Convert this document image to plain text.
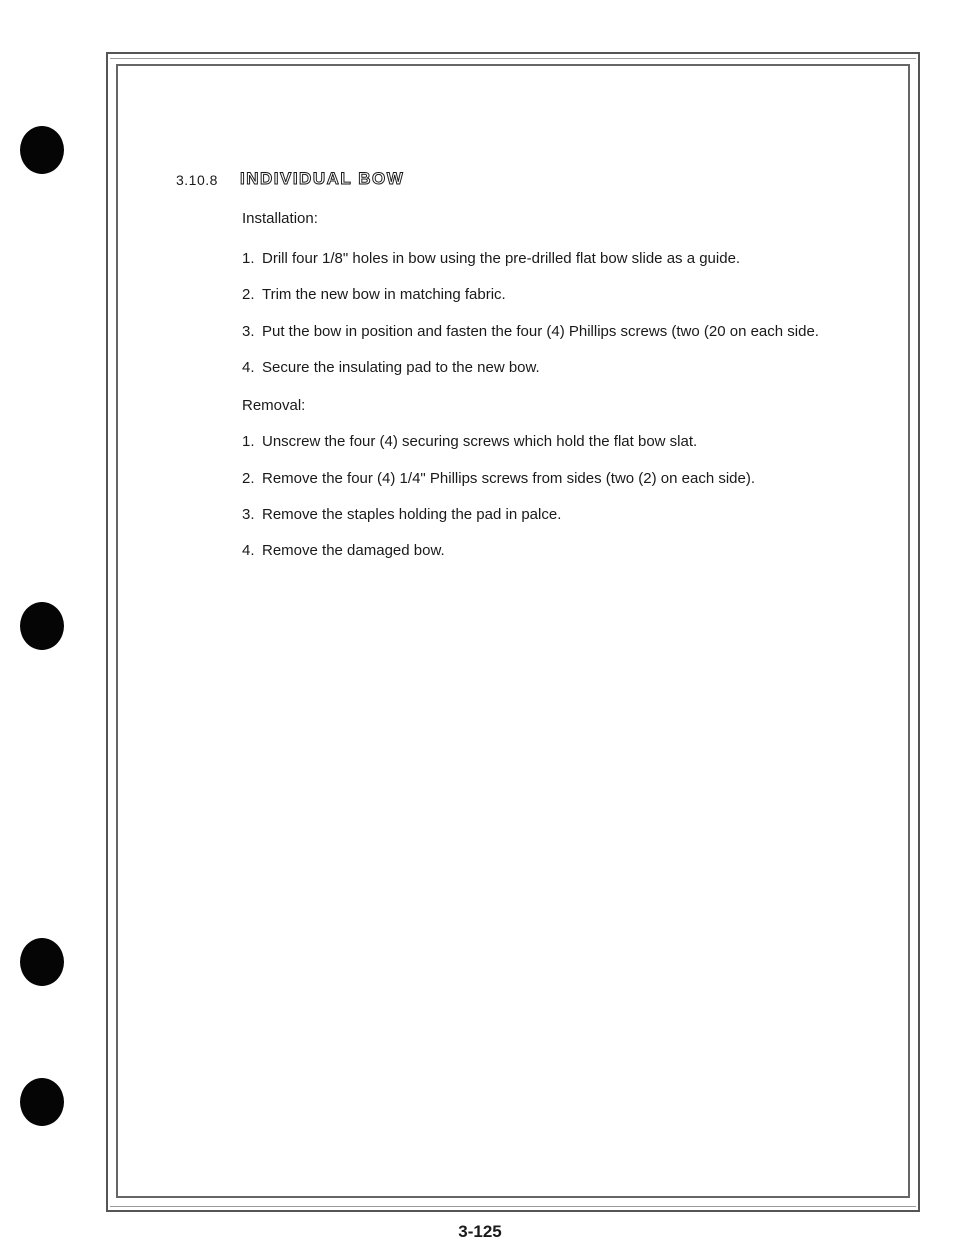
3.10.8 INDIVIDUAL BOW
Installation:
1. Drill four 1/8" holes in bow using the pre-drilled flat bow slide as a guide.
2. Trim the new bow in matching fabric.
3. Put the bow in position and fasten the four (4) Phillips screws (two (20 on each side.
4. Secure the insulating pad to the new bow.
Removal:
1. Unscrew the four (4) securing screws which hold the flat bow slat.
2. Remove the four (4) 1/4" Phillips screws from sides (two (2) on each side).
3. Remove the staples holding the pad in palce.
4. Remove the damaged bow.
3-125
